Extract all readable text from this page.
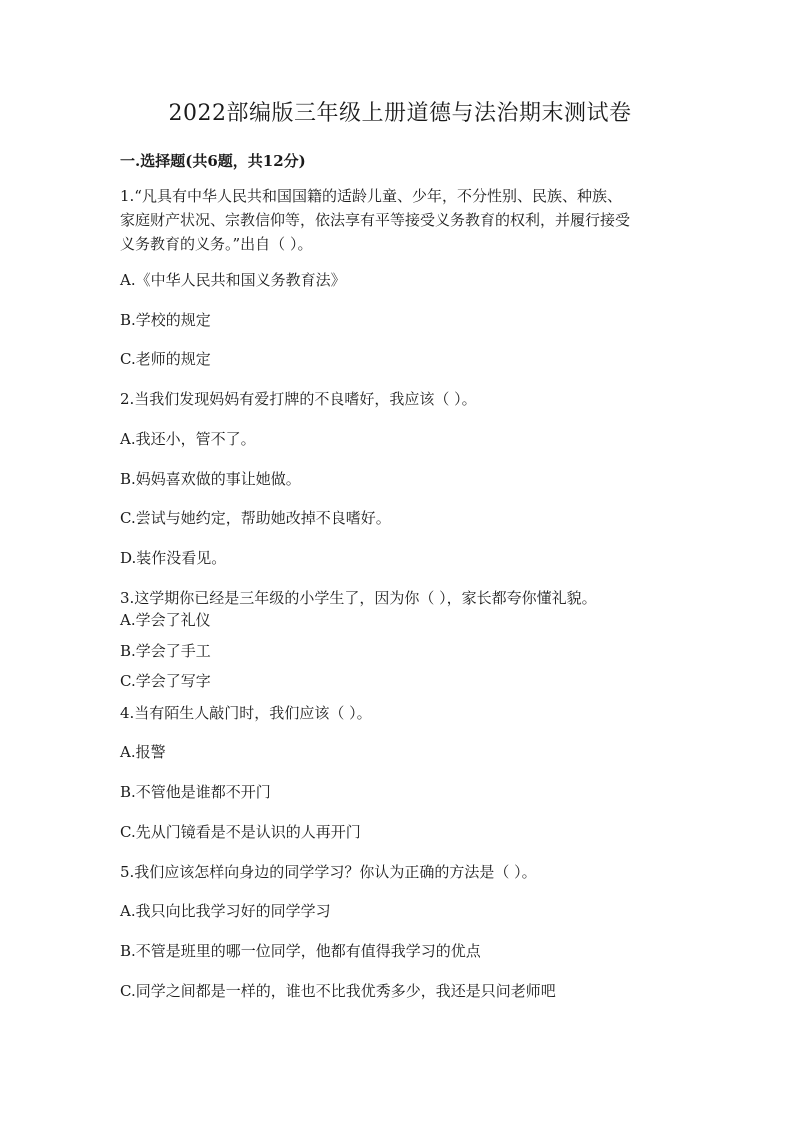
2022部编版三年级上册道德与法治期末测试卷
一.选择题(共6题，共12分)
1.“凡具有中华人民共和国国籍的适龄儿童、少年，不分性别、民族、种族、
家庭财产状况、宗教信仰等，依法享有平等接受义务教育的权利，并履行接受
义务教育的义务。”出自（ ）。
A.《中华人民共和国义务教育法》
B.学校的规定
C.老师的规定
2.当我们发现妈妈有爱打牌的不良嗜好，我应该（ ）。
A.我还小，管不了。
B.妈妈喜欢做的事让她做。
C.尝试与她约定，帮助她改掉不良嗜好。
D.装作没看见。
3.这学期你已经是三年级的小学生了，因为你（ ），家长都夸你懂礼貌。
A.学会了礼仪
B.学会了手工
C.学会了写字
4.当有陌生人敲门时，我们应该（ ）。
A.报警
B.不管他是谁都不开门
C.先从门镜看是不是认识的人再开门
5.我们应该怎样向身边的同学学习？你认为正确的方法是（ ）。
A.我只向比我学习好的同学学习
B.不管是班里的哪一位同学，他都有值得我学习的优点
C.同学之间都是一样的，谁也不比我优秀多少，我还是只问老师吧
